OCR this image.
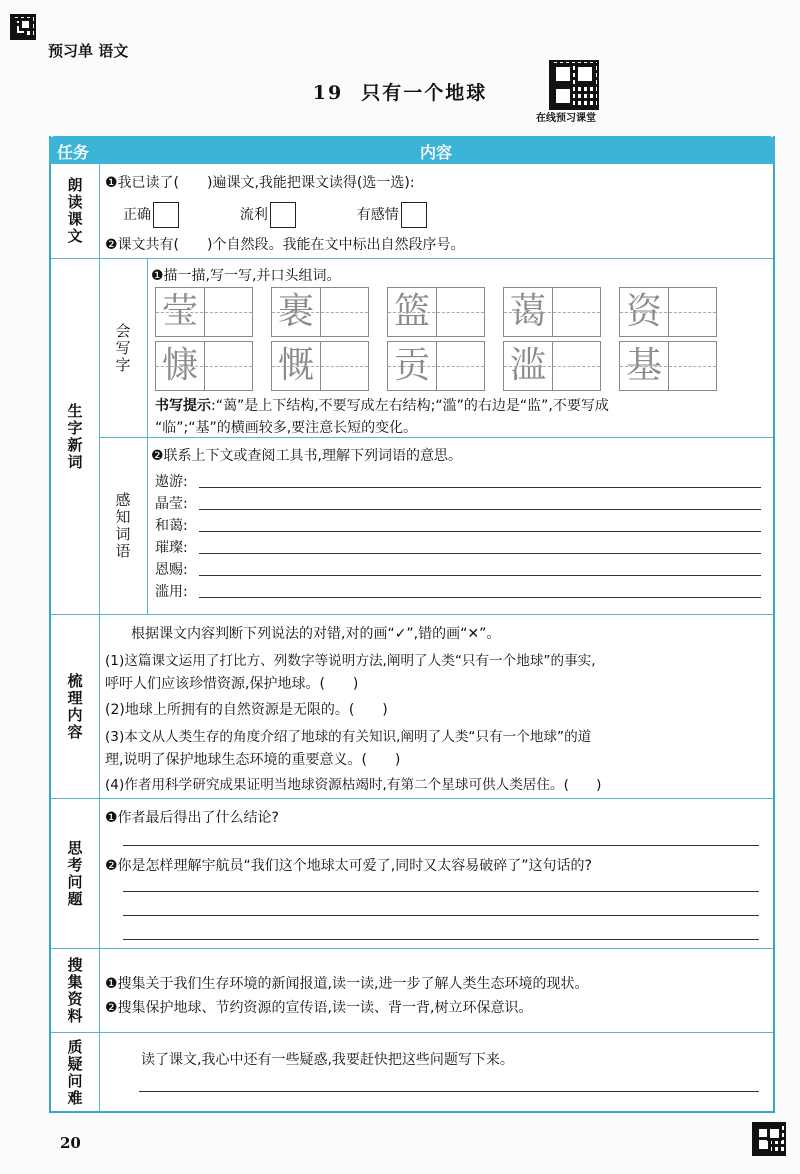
预习单 语文
19 只有一个地球
在线预习课堂
任务	内容
朗读课文 ❶我已读了(　　)遍课文,我能把课文读得(选一选):
正确	流利	有感情
❷课文共有(　　)个自然段。我能在文中标出自然段序号。
生字新词
会写字
❶描一描,写一写,并口头组词。
莹 裹 篮 蔼 资
慷 慨 贡 滥 基
书写提示:“蔼”是上下结构,不要写成左右结构;“滥”的右边是“监”,不要写成
“临”;“基”的横画较多,要注意长短的变化。
感知词语
❷联系上下文或查阅工具书,理解下列词语的意思。
遨游:
晶莹:
和蔼:
璀璨:
恩赐:
滥用:
梳理内容
根据课文内容判断下列说法的对错,对的画“✓”,错的画“✕”。
(1)这篇课文运用了打比方、列数字等说明方法,阐明了人类“只有一个地球”的事实,
呼吁人们应该珍惜资源,保护地球。(　　)
(2)地球上所拥有的自然资源是无限的。(　　)
(3)本文从人类生存的角度介绍了地球的有关知识,阐明了人类“只有一个地球”的道
理,说明了保护地球生态环境的重要意义。(　　)
(4)作者用科学研究成果证明当地球资源枯竭时,有第二个星球可供人类居住。(　　)
思考问题
❶作者最后得出了什么结论?
❷你是怎样理解宇航员“我们这个地球太可爱了,同时又太容易破碎了”这句话的?
搜集资料 ❶搜集关于我们生存环境的新闻报道,读一读,进一步了解人类生态环境的现状。
❷搜集保护地球、节约资源的宣传语,读一读、背一背,树立环保意识。
质疑问难	读了课文,我心中还有一些疑惑,我要赶快把这些问题写下来。
20
